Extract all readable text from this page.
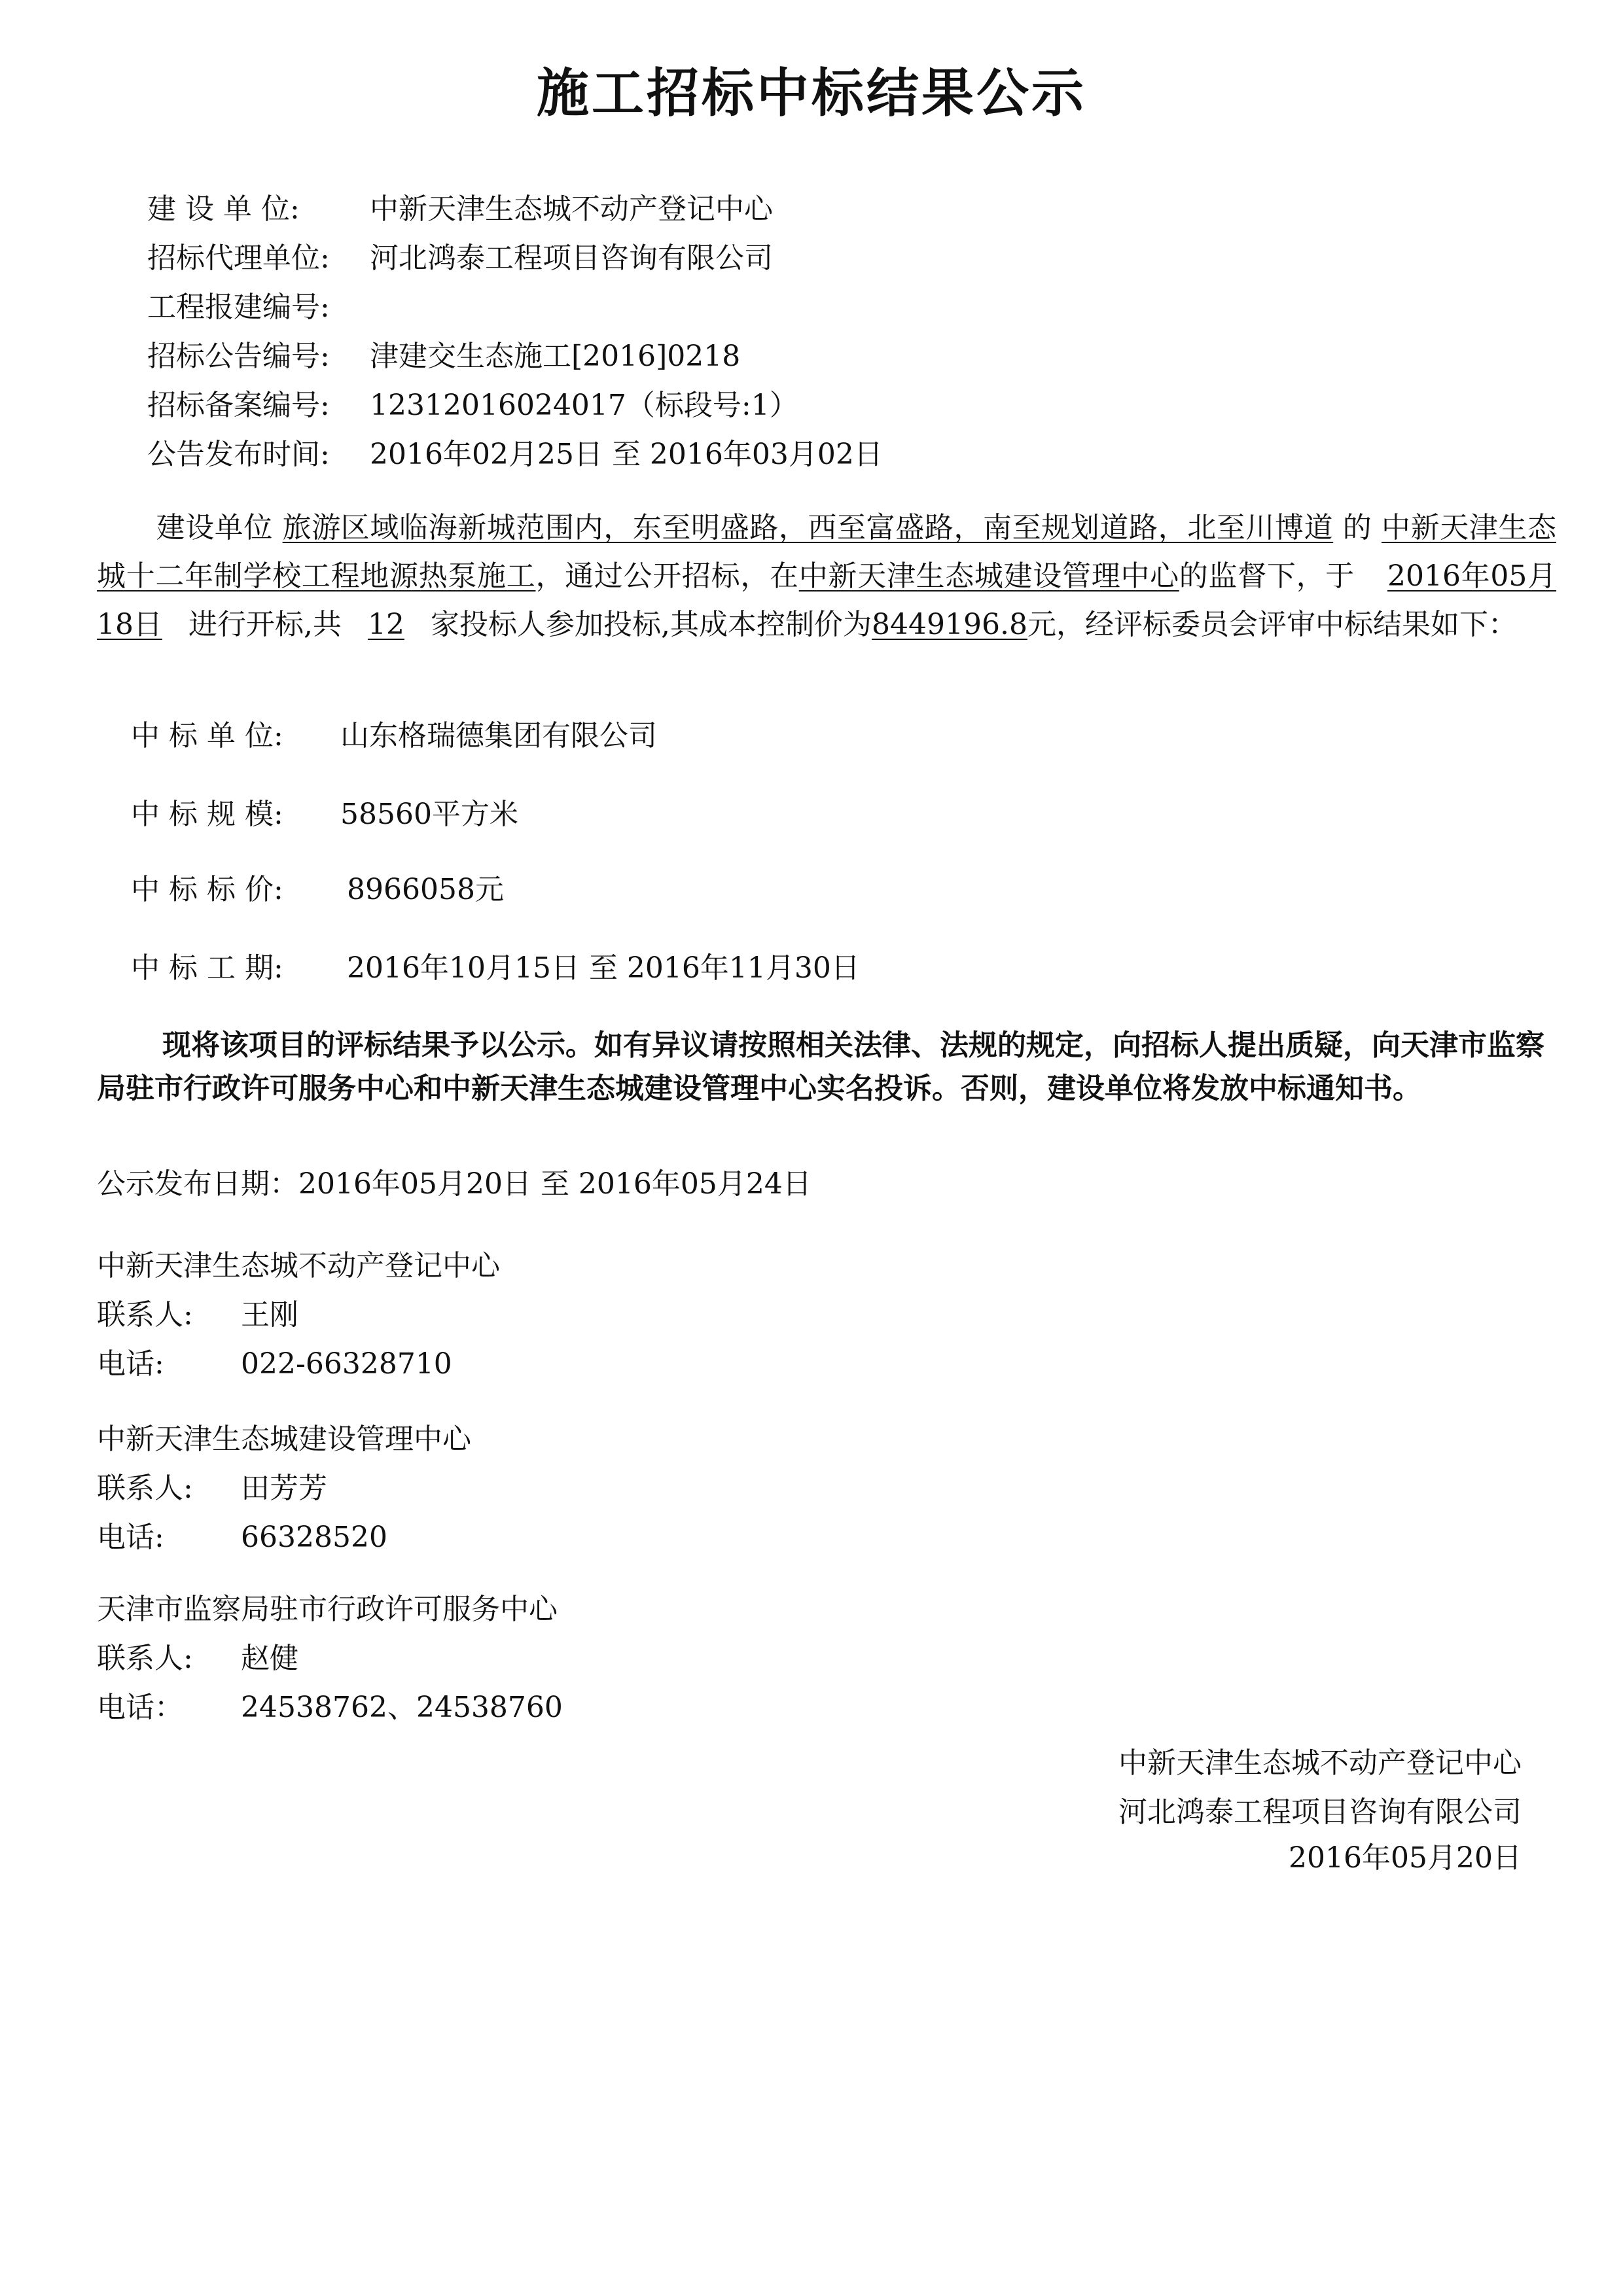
施工招标中标结果公示
建 设 单 位: 中新天津生态城不动产登记中心
招标代理单位: 河北鸿泰工程项目咨询有限公司
工程报建编号:
招标公告编号: 津建交生态施工[2016]0218
招标备案编号: 12312016024017（标段号:1）
公告发布时间: 2016年02月25日 至 2016年03月02日
建设单位 旅游区域临海新城范围内，东至明盛路，西至富盛路，南至规划道路，北至川博道 的 中新天津生态城十二年制学校工程地源热泵施工，通过公开招标，在中新天津生态城建设管理中心的监督下，于 2016年05月18日 进行开标,共 12 家投标人参加投标,其成本控制价为8449196.8元，经评标委员会评审中标结果如下：
中 标 单 位: 山东格瑞德集团有限公司
中 标 规 模: 58560平方米
中 标 标 价: 8966058元
中 标 工 期: 2016年10月15日 至 2016年11月30日
现将该项目的评标结果予以公示。如有异议请按照相关法律、法规的规定，向招标人提出质疑，向天津市监察局驻市行政许可服务中心和中新天津生态城建设管理中心实名投诉。否则，建设单位将发放中标通知书。
公示发布日期：2016年05月20日 至 2016年05月24日
中新天津生态城不动产登记中心
联系人: 王刚
电话:	022-66328710
中新天津生态城建设管理中心
联系人: 田芳芳
电话:	66328520
天津市监察局驻市行政许可服务中心
联系人: 赵健
电话： 24538762、24538760
中新天津生态城不动产登记中心
河北鸿泰工程项目咨询有限公司
2016年05月20日
